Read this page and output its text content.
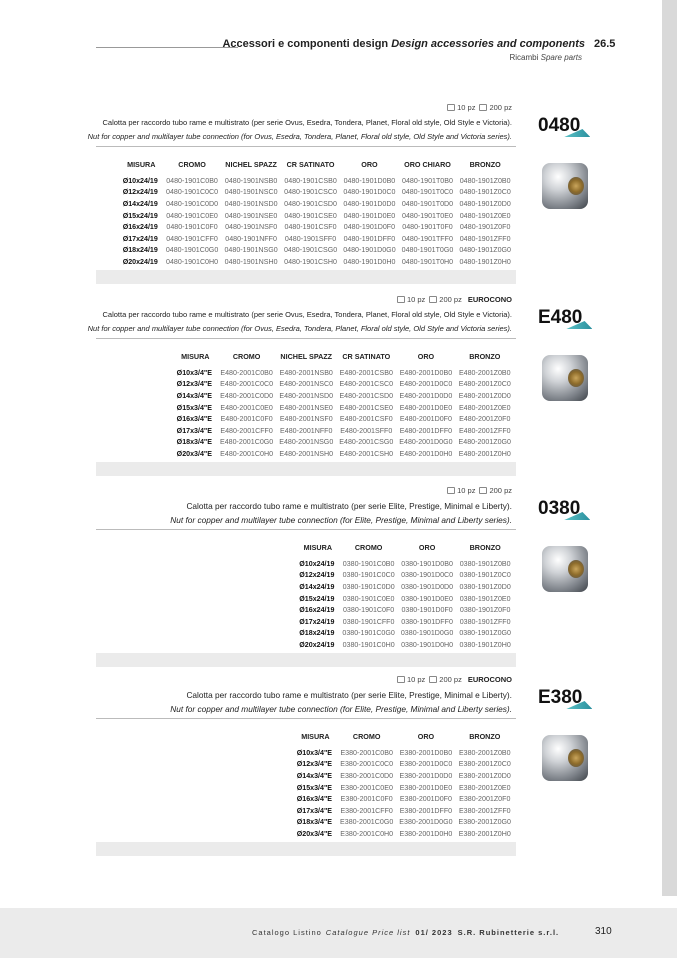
Accessori e componenti design Design accessories and components 26.5
Ricambi Spare parts
10 pz 200 pz
Calotta per raccordo tubo rame e multistrato (per serie Ovus, Esedra, Tondera, Planet, Floral old style, Old Style e Victoria).
Nut for copper and multilayer tube connection (for Ovus, Esedra, Tondera, Planet, Floral old style, Old Style and Victoria series).
MISURA	CROMO	NICHEL SPAZZ	CR SATINATO	ORO	ORO CHIARO	BRONZO
Ø10x24/19	0480-1901C0B0	0480-1901NSB0	0480-1901CSB0	0480-1901D0B0	0480-1901T0B0	0480-1901Z0B0
Ø12x24/19	0480-1901C0C0	0480-1901NSC0	0480-1901CSC0	0480-1901D0C0	0480-1901T0C0	0480-1901Z0C0
Ø14x24/19	0480-1901C0D0	0480-1901NSD0	0480-1901CSD0	0480-1901D0D0	0480-1901T0D0	0480-1901Z0D0
Ø15x24/19	0480-1901C0E0	0480-1901NSE0	0480-1901CSE0	0480-1901D0E0	0480-1901T0E0	0480-1901Z0E0
Ø16x24/19	0480-1901C0F0	0480-1901NSF0	0480-1901CSF0	0480-1901D0F0	0480-1901T0F0	0480-1901Z0F0
Ø17x24/19	0480-1901CFF0	0480-1901NFF0	0480-1901SFF0	0480-1901DFF0	0480-1901TFF0	0480-1901ZFF0
Ø18x24/19	0480-1901C0G0	0480-1901NSG0	0480-1901CSG0	0480-1901D0G0	0480-1901T0G0	0480-1901Z0G0
Ø20x24/19	0480-1901C0H0	0480-1901NSH0	0480-1901CSH0	0480-1901D0H0	0480-1901T0H0	0480-1901Z0H0
0480
10 pz 200 pz EUROCONO
Calotta per raccordo tubo rame e multistrato (per serie Ovus, Esedra, Tondera, Planet, Floral old style, Old Style e Victoria).
Nut for copper and multilayer tube connection (for Ovus, Esedra, Tondera, Planet, Floral old style, Old Style and Victoria series).
MISURA	CROMO	NICHEL SPAZZ	CR SATINATO	ORO	BRONZO
Ø10x3/4"E	E480-2001C0B0	E480-2001NSB0	E480-2001CSB0	E480-2001D0B0	E480-2001Z0B0
Ø12x3/4"E	E480-2001C0C0	E480-2001NSC0	E480-2001CSC0	E480-2001D0C0	E480-2001Z0C0
Ø14x3/4"E	E480-2001C0D0	E480-2001NSD0	E480-2001CSD0	E480-2001D0D0	E480-2001Z0D0
Ø15x3/4"E	E480-2001C0E0	E480-2001NSE0	E480-2001CSE0	E480-2001D0E0	E480-2001Z0E0
Ø16x3/4"E	E480-2001C0F0	E480-2001NSF0	E480-2001CSF0	E480-2001D0F0	E480-2001Z0F0
Ø17x3/4"E	E480-2001CFF0	E480-2001NFF0	E480-2001SFF0	E480-2001DFF0	E480-2001ZFF0
Ø18x3/4"E	E480-2001C0G0	E480-2001NSG0	E480-2001CSG0	E480-2001D0G0	E480-2001Z0G0
Ø20x3/4"E	E480-2001C0H0	E480-2001NSH0	E480-2001CSH0	E480-2001D0H0	E480-2001Z0H0
E480
10 pz 200 pz
Calotta per raccordo tubo rame e multistrato (per serie Elite, Prestige, Minimal e Liberty).
Nut for copper and multilayer tube connection (for Elite, Prestige, Minimal and Liberty series).
MISURA	CROMO	ORO	BRONZO
Ø10x24/19	0380-1901C0B0	0380-1901D0B0	0380-1901Z0B0
Ø12x24/19	0380-1901C0C0	0380-1901D0C0	0380-1901Z0C0
Ø14x24/19	0380-1901C0D0	0380-1901D0D0	0380-1901Z0D0
Ø15x24/19	0380-1901C0E0	0380-1901D0E0	0380-1901Z0E0
Ø16x24/19	0380-1901C0F0	0380-1901D0F0	0380-1901Z0F0
Ø17x24/19	0380-1901CFF0	0380-1901DFF0	0380-1901ZFF0
Ø18x24/19	0380-1901C0G0	0380-1901D0G0	0380-1901Z0G0
Ø20x24/19	0380-1901C0H0	0380-1901D0H0	0380-1901Z0H0
0380
10 pz 200 pz EUROCONO
Calotta per raccordo tubo rame e multistrato (per serie Elite, Prestige, Minimal e Liberty).
Nut for copper and multilayer tube connection (for Elite, Prestige, Minimal and Liberty series).
MISURA	CROMO	ORO	BRONZO
Ø10x3/4"E	E380-2001C0B0	E380-2001D0B0	E380-2001Z0B0
Ø12x3/4"E	E380-2001C0C0	E380-2001D0C0	E380-2001Z0C0
Ø14x3/4"E	E380-2001C0D0	E380-2001D0D0	E380-2001Z0D0
Ø15x3/4"E	E380-2001C0E0	E380-2001D0E0	E380-2001Z0E0
Ø16x3/4"E	E380-2001C0F0	E380-2001D0F0	E380-2001Z0F0
Ø17x3/4"E	E380-2001CFF0	E380-2001DFF0	E380-2001ZFF0
Ø18x3/4"E	E380-2001C0G0	E380-2001D0G0	E380-2001Z0G0
Ø20x3/4"E	E380-2001C0H0	E380-2001D0H0	E380-2001Z0H0
E380
Catalogo Listino Catalogue Price list 01/ 2023 S.R. Rubinetterie s.r.l.	310
